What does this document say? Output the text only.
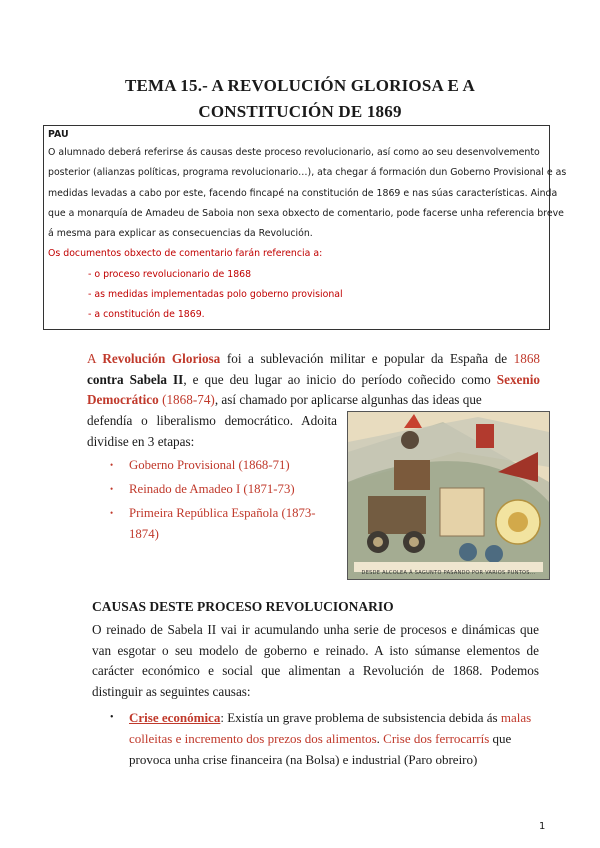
TEMA 15.- A REVOLUCIÓN GLORIOSA E A
CONSTITUCIÓN DE 1869
PAU
O alumnado deberá referirse ás causas deste proceso revolucionario, así como ao seu desenvolvemento
posterior (alianzas políticas, programa revolucionario…), ata chegar á formación dun Goberno Provisional e as
medidas levadas a cabo por este, facendo fincapé na constitución de 1869 e nas súas características. Ainda
que a monarquía de Amadeu de Saboia non sexa obxecto de comentario, pode facerse unha referencia breve
á mesma para explicar as consecuencias da Revolución.
Os documentos obxecto de comentario farán referencia a:
- o proceso revolucionario de 1868
- as medidas implementadas polo goberno provisional
- a constitución de 1869.
A Revolución Gloriosa foi a sublevación militar e popular da España de 1868 contra Sabela II, e que deu lugar ao inicio do período coñecido como Sexenio Democrático (1868-74), así chamado por aplicarse algunhas das ideas que
defendía o liberalismo democrático. Adoita
dividise en 3 etapas:
• Goberno Provisional (1868-71)
• Reinado de Amadeo I (1871-73)
• Primeira República Española (1873-1874)
DESDE ALCOLEA Á SAGUNTO PASANDO POR VARIOS PUNTOS...
CAUSAS DESTE PROCESO REVOLUCIONARIO
O reinado de Sabela II vai ir acumulando unha serie de procesos e dinámicas que van esgotar o seu modelo de goberno e reinado. A isto súmanse elementos de carácter económico e social que alimentan a Revolución de 1868. Podemos distinguir as seguintes causas:
•	Crise económica: Existía un grave problema de subsistencia debida ás malas colleitas e incremento dos prezos dos alimentos. Crise dos ferrocarrís que provoca unha crise financeira (na Bolsa) e industrial (Paro obreiro)
1
